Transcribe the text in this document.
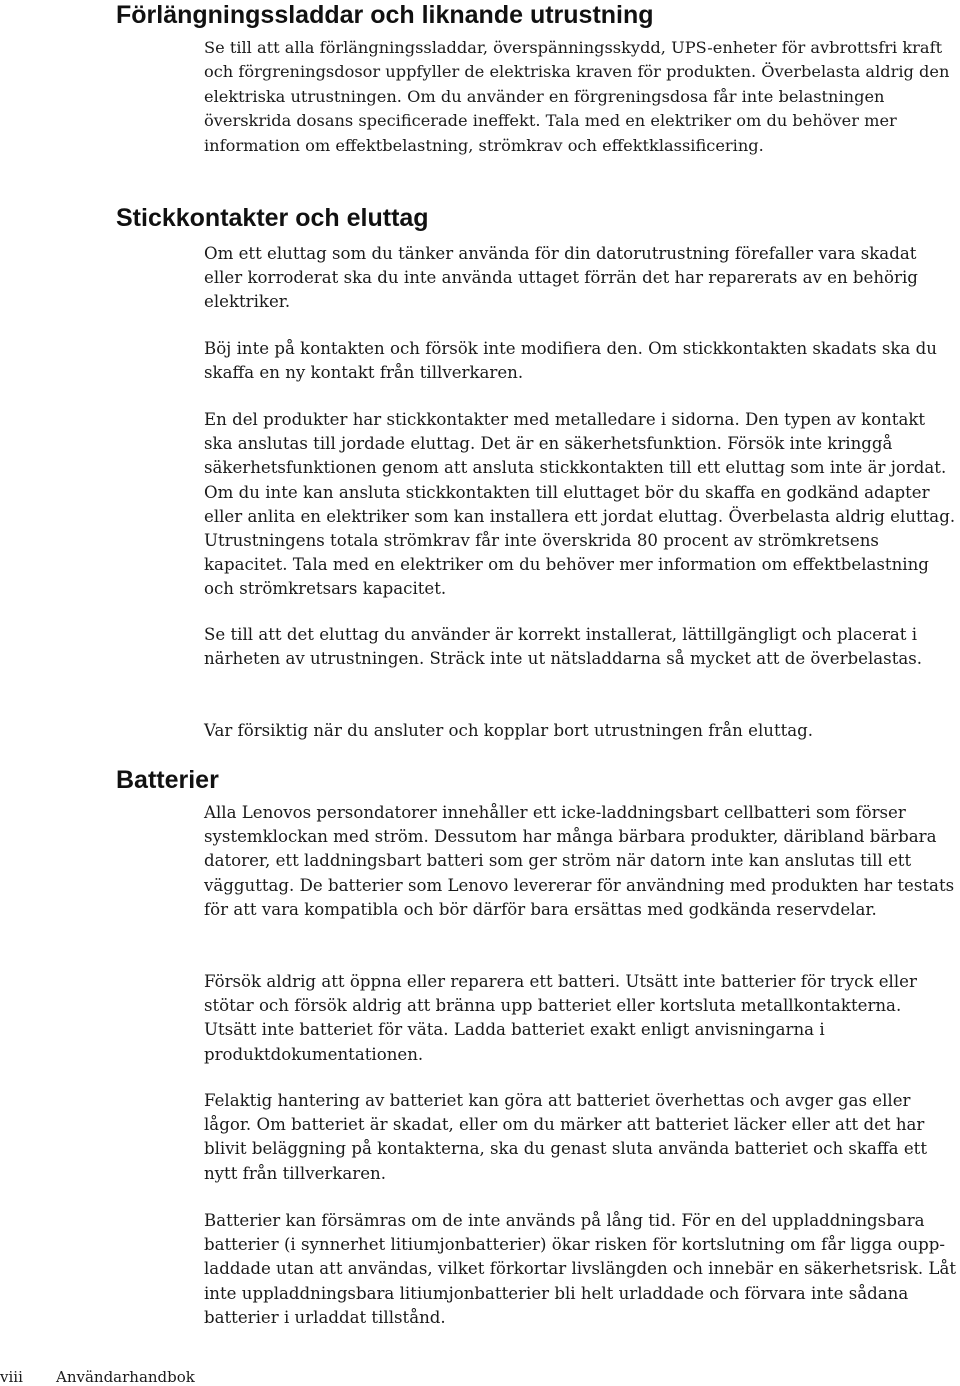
Förlängningssladdar och liknande utrustning

Se till att alla förlängningssladdar, överspänningsskydd, UPS-enheter för avbrottsfri kraft och förgreningsdosor uppfyller de elektriska kraven för produkten. Överbelasta aldrig den elektriska utrustningen. Om du använder en förgreningsdosa får inte belastningen överskrida dosans specificerade ineffekt. Tala med en elektriker om du behöver mer information om effektbelastning, strömkrav och effektklassificering.

Stickkontakter och eluttag

Om ett eluttag som du tänker använda för din datorutrustning förefaller vara skadat eller korroderat ska du inte använda uttaget förrän det har reparerats av en behörig elektriker.

Böj inte på kontakten och försök inte modifiera den. Om stickkontakten skadats ska du skaffa en ny kontakt från tillverkaren.

En del produkter har stickkontakter med metalledare i sidorna. Den typen av kontakt ska anslutas till jordade eluttag. Det är en säkerhetsfunktion. Försök inte kringgå säkerhetsfunktionen genom att ansluta stickkontakten till ett eluttag som inte är jordat. Om du inte kan ansluta stickkontakten till eluttaget bör du skaffa en godkänd adapter eller anlita en elektriker som kan installera ett jordat eluttag. Överbelasta aldrig eluttag. Utrustningens totala strömkrav får inte överskrida 80 procent av strömkretsens kapacitet. Tala med en elektriker om du behöver mer information om effektbelastning och strömkretsars kapacitet.

Se till att det eluttag du använder är korrekt installerat, lättillgängligt och placerat i närheten av utrustningen. Sträck inte ut nätsladdarna så mycket att de överbelastas.

Var försiktig när du ansluter och kopplar bort utrustningen från eluttag.

Batterier

Alla Lenovos persondatorer innehåller ett icke-laddningsbart cellbatteri som förser systemklockan med ström. Dessutom har många bärbara produkter, däribland bärbara datorer, ett laddningsbart batteri som ger ström när datorn inte kan anslutas till ett vägguttag. De batterier som Lenovo levererar för användning med produkten har testats för att vara kompatibla och bör därför bara ersättas med godkända reservdelar.

Försök aldrig att öppna eller reparera ett batteri. Utsätt inte batterier för tryck eller stötar och försök aldrig att bränna upp batteriet eller kortsluta metallkontakterna. Utsätt inte batteriet för väta. Ladda batteriet exakt enligt anvisningarna i produktdokumentationen.

Felaktig hantering av batteriet kan göra att batteriet överhettas och avger gas eller lågor. Om batteriet är skadat, eller om du märker att batteriet läcker eller att det har blivit beläggning på kontakterna, ska du genast sluta använda batteriet och skaffa ett nytt från tillverkaren.

Batterier kan försämras om de inte används på lång tid. För en del uppladdningsbara batterier (i synnerhet litiumjonbatterier) ökar risken för kortslutning om får ligga ouppladdade utan att användas, vilket förkortar livslängden och innebär en säkerhetsrisk. Låt inte uppladdningsbara litiumjonbatterier bli helt urladdade och förvara inte sådana batterier i urladdat tillstånd.

viii Användarhandbok
